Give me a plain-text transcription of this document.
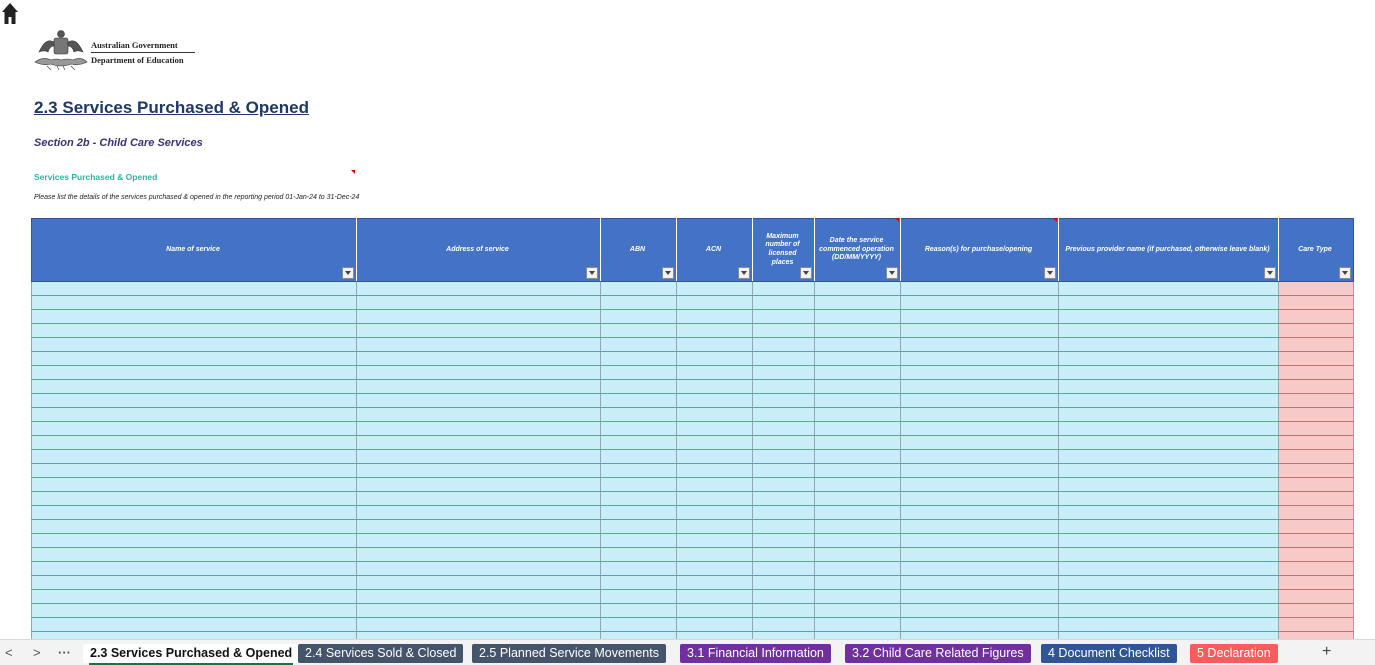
Australian Government
Department of Education
2.3 Services Purchased & Opened
Section 2b - Child Care Services
Services Purchased & Opened
Please list the details of the services purchased & opened in the reporting period 01-Jan-24 to 31-Dec-24
Name of service	Address of service	ABN	ACN	Maximum number of licensed places	Date the service commenced operation (DD/MM/YYYY)	Reason(s) for purchase/opening	Previous provider name (if purchased, otherwise leave blank)	Care Type

< > ···	2.3 Services Purchased & Opened	2.4 Services Sold & Closed	2.5 Planned Service Movements	3.1 Financial Information	3.2 Child Care Related Figures	4 Document Checklist	5 Declaration	+
